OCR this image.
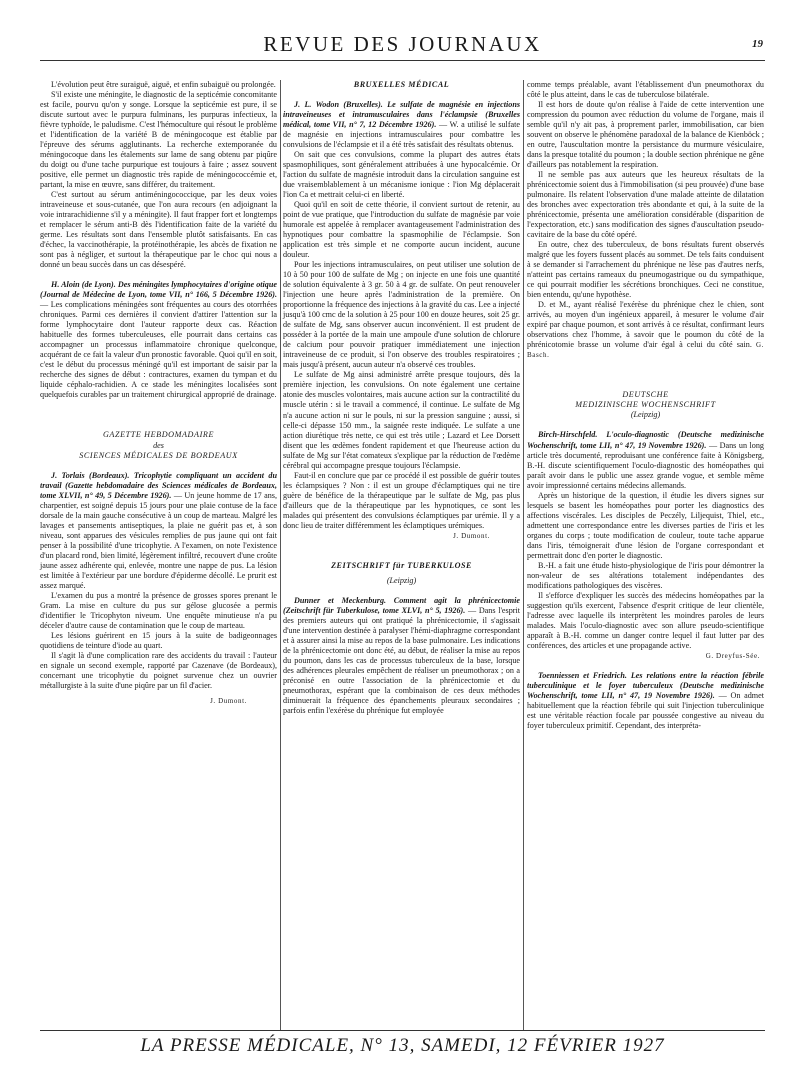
REVUE DES JOURNAUX	19

L'évolution peut être suraiguë, aiguë, et enfin subaiguë ou prolongée.

S'il existe une méningite, le diagnostic de la septicémie concomitante est facile, pourvu qu'on y songe. Lorsque la septicémie est pure, il se discute surtout avec le purpura fulminans, les purpuras infectieux, la fièvre typhoïde, le paludisme. C'est l'hémoculture qui résout le problème et l'identification de la variété B de méningocoque est établie par l'épreuve des sérums agglutinants. La recherche extemporanée du méningocoque dans les étalements sur lame de sang obtenu par piqûre du doigt ou d'une tache purpurique est toujours à faire ; assez souvent positive, elle permet un diagnostic très rapide de méningococcémie et, partant, la mise en œuvre, sans différer, du traitement.

C'est surtout au sérum antiméningococcique, par les deux voies intraveineuse et sous-cutanée, que l'on aura recours (en adjoignant la voie intrarachidienne s'il y a méningite). Il faut frapper fort et longtemps et remplacer le sérum anti-B dès l'identification faite de la variété du germe. Les résultats sont dans l'ensemble plutôt satisfaisants. En cas d'échec, la vaccinothérapie, la protéinothérapie, les abcès de fixation ne sont pas à négliger, et surtout la thérapeutique par le choc qui nous a donné un beau succès dans un cas désespéré.

H. Aloin (de Lyon). Des méningites lymphocytaires d'origine otique (Journal de Médecine de Lyon, tome VII, n° 166, 5 Décembre 1926). — Les complications méningées sont fréquentes au cours des otorrhées chroniques. Parmi ces dernières il convient d'attirer l'attention sur la forme lymphocytaire dont l'auteur rapporte deux cas. Réaction habituelle des formes tuberculeuses, elle pourrait dans certains cas accompagner un processus inflammatoire chronique quelconque, acquérant de ce fait la valeur d'un pronostic favorable. Quoi qu'il en soit, c'est le début du processus méningé qu'il est important de saisir par la recherche des signes de début : contractures, examen du tympan et du liquide céphalo-rachidien. A ce stade les méningites localisées sont quelquefois curables par un traitement chirurgical approprié de drainage.

GAZETTE HEBDOMADAIRE

des

SCIENCES MÉDICALES DE BORDEAUX

J. Torlais (Bordeaux). Tricophytie compliquant un accident du travail (Gazette hebdomadaire des Sciences médicales de Bordeaux, tome XLVII, n° 49, 5 Décembre 1926). — Un jeune homme de 17 ans, charpentier, est soigné depuis 15 jours pour une plaie contuse de la face dorsale de la main gauche consécutive à un coup de marteau. Malgré les lavages et pansements antiseptiques, la plaie ne guérit pas et, à son niveau, sont apparues des vésicules remplies de pus jaune qui ont fait penser à la possibilité d'une tricophytie. A l'examen, on note l'existence d'un placard rond, bien limité, légèrement infiltré, recouvert d'une croûte jaune assez adhérente qui, enlevée, montre une nappe de pus. La lésion est limitée à l'extérieur par une bordure d'épiderme décollé. Le prurit est assez marqué.

L'examen du pus a montré la présence de grosses spores prenant le Gram. La mise en culture du pus sur gélose glucosée a permis d'identifier le Tricophyton niveum. Une enquête minutieuse n'a pu déceler d'autre cause de contamination que le coup de marteau.

Les lésions guérirent en 15 jours à la suite de badigeonnages quotidiens de teinture d'iode au quart.

Il s'agit là d'une complication rare des accidents du travail : l'auteur en signale un second exemple, rapporté par Cazenave (de Bordeaux), concernant une tricophytie du poignet survenue chez un ouvrier métallurgiste à la suite d'une piqûre par un fil d'acier.

J. Dumont.

BRUXELLES MÉDICAL

J. L. Wodon (Bruxelles). Le sulfate de magnésie en injections intraveineuses et intramusculaires dans l'éclampsie (Bruxelles médical, tome VII, n° 7, 12 Décembre 1926). — W. a utilisé le sulfate de magnésie en injections intramusculaires pour combattre les convulsions de l'éclampsie et il a été très satisfait des résultats obtenus.

On sait que ces convulsions, comme la plupart des autres états spasmophiliques, sont généralement attribuées à une hypocalcémie. Or l'action du sulfate de magnésie introduit dans la circulation sanguine est due vraisemblablement à un mécanisme ionique : l'ion Mg déplacerait l'ion Ca et mettrait celui-ci en liberté.

Quoi qu'il en soit de cette théorie, il convient surtout de retenir, au point de vue pratique, que l'introduction du sulfate de magnésie par voie humorale est appelée à remplacer avantageusement l'administration des hypnotiques pour combattre la spasmophilie de l'éclampsie. Son application est très simple et ne comporte aucun incident, aucune douleur.

Pour les injections intramusculaires, on peut utiliser une solution de 10 à 50 pour 100 de sulfate de Mg ; on injecte en une fois une quantité de solution équivalente à 3 gr. 50 à 4 gr. de sulfate. On peut renouveler l'injection une heure après l'administration de la première. On proportionne la fréquence des injections à la gravité du cas. Lee a injecté jusqu'à 100 cmc de la solution à 25 pour 100 en douze heures, soit 25 gr. de sulfate de Mg, sans observer aucun inconvénient. Il est prudent de posséder à la portée de la main une ampoule d'une solution de chlorure de calcium pour pouvoir pratiquer immédiatement une injection intraveineuse de ce produit, si l'on observe des troubles respiratoires ; mais jusqu'à présent, aucun auteur n'a observé ces troubles.

Le sulfate de Mg ainsi administré arrête presque toujours, dès la première injection, les convulsions. On note également une certaine atonie des muscles volontaires, mais aucune action sur la contractilité du muscle utérin : si le travail a commencé, il continue. Le sulfate de Mg n'a aucune action ni sur le pouls, ni sur la pression sanguine ; aussi, si celle-ci dépasse 150 mm., la saignée reste indiquée. Le sulfate a une action diurétique très nette, ce qui est très utile ; Lazard et Lee Dorsett disent que les œdèmes fondent rapidement et que l'heureuse action du sulfate de Mg sur l'état comateux s'explique par la réduction de l'œdème cérébral qui accompagne presque toujours l'éclampsie.

Faut-il en conclure que par ce procédé il est possible de guérir toutes les éclampsiques ? Non : il est un groupe d'éclamptiques qui ne tire guère de bénéfice de la thérapeutique par le sulfate de Mg, pas plus d'ailleurs que de la thérapeutique par les hypnotiques, ce sont les malades qui présentent des convulsions éclamptiques par urémie. Il y a donc lieu de traiter différemment les éclamptiques urémiques.

J. Dumont.

ZEITSCHRIFT für TUBERKULOSE

(Leipzig)

Dunner et Meckenburg. Comment agit la phrénicectomie (Zeitschrift für Tuberkulose, tome XLVI, n° 5, 1926). — Dans l'esprit des premiers auteurs qui ont pratiqué la phrénicectomie, il s'agissait d'une intervention destinée à paralyser l'hémi-diaphragme correspondant et à assurer ainsi la mise au repos de la base pulmonaire. Les indications de la phrénicectomie ont donc été, au début, de réaliser la mise au repos du poumon, dans les cas de processus tuberculeux de la base, lorsque des adhérences pleurales empêchent de réaliser un pneumothorax ; on a préconisé en outre l'association de la phrénicectomie et du pneumothorax, espérant que la combinaison de ces deux méthodes diminuerait la fréquence des épanchements pleuraux secondaires ; parfois enfin l'exérèse du phrénique fut employée

comme temps préalable, avant l'établissement d'un pneumothorax du côté le plus atteint, dans le cas de tuberculose bilatérale.

Il est hors de doute qu'on réalise à l'aide de cette intervention une compression du poumon avec réduction du volume de l'organe, mais il semble qu'il n'y ait pas, à proprement parler, immobilisation, car bien souvent on observe le phénomène paradoxal de la balance de Kienböck ; en outre, l'auscultation montre la persistance du murmure vésiculaire, dans la presque totalité du poumon ; la double section phrénique ne gêne d'ailleurs pas notablement la respiration.

Il ne semble pas aux auteurs que les heureux résultats de la phrénicectomie soient dus à l'immobilisation (si peu prouvée) d'une base pulmonaire. Ils relatent l'observation d'une malade atteinte de dilatation des bronches avec expectoration très abondante et qui, à la suite de la phrénicectomie, présenta une amélioration considérable (disparition de l'expectoration, etc.) sans modification des signes d'auscultation pseudo-cavitaire de la base du côté opéré.

En outre, chez des tuberculeux, de bons résultats furent observés malgré que les foyers fussent placés au sommet. De tels faits conduisent à se demander si l'arrachement du phrénique ne lèse pas d'autres nerfs, n'atteint pas certains rameaux du pneumogastrique ou du sympathique, ce qui pourrait modifier les sécrétions bronchiques. Ceci ne constitue, bien entendu, qu'une hypothèse.

D. et M., ayant réalisé l'exérèse du phrénique chez le chien, sont arrivés, au moyen d'un ingénieux appareil, à mesurer le volume d'air expiré par chaque poumon, et sont arrivés à ce résultat, confirmant leurs observations chez l'homme, à savoir que le poumon du côté de la phrénicotomie brasse un volume d'air égal à celui du côté sain. G. Basch.

DEUTSCHE

MEDIZINISCHE WOCHENSCHRIFT

(Leipzig)

Birch-Hirschfeld. L'oculo-diagnostic (Deutsche medizinische Wochenschrift, tome LII, n° 47, 19 Novembre 1926). — Dans un long article très documenté, reproduisant une conférence faite à Königsberg, B.-H. discute scientifiquement l'oculo-diagnostic des homéopathes qui paraît avoir dans le public une assez grande vogue, et semble même avoir impressionné certains médecins allemands.

Après un historique de la question, il étudie les divers signes sur lesquels se basent les homéopathes pour porter les diagnostics des affections viscérales. Les disciples de Peczély, Liljequist, Thiel, etc., admettent une correspondance entre les diverses parties de l'iris et les organes du corps ; toute modification de couleur, toute tache apparue dans l'iris, témoignerait d'une lésion de l'organe correspondant et permettrait donc d'en porter le diagnostic.

B.-H. a fait une étude histo-physiologique de l'iris pour démontrer la non-valeur de ses altérations totalement indépendantes des modifications pathologiques des viscères.

Il s'efforce d'expliquer les succès des médecins homéopathes par la suggestion qu'ils exercent, l'absence d'esprit critique de leur clientèle, l'adresse avec laquelle ils interprètent les moindres paroles de leurs malades. Mais l'oculo-diagnostic avec son allure pseudo-scientifique apparaît à B.-H. comme un danger contre lequel il faut lutter par des conférences, des articles et une propagande active.

G. Dreyfus-Sée.

Toenniessen et Friedrich. Les relations entre la réaction fébrile tuberculinique et le foyer tuberculeux (Deutsche medizinische Wochenschrift, tome LII, n° 47, 19 Novembre 1926). — On admet habituellement que la réaction fébrile qui suit l'injection tuberculinique est une véritable réaction focale par poussée congestive au niveau du foyer tuberculeux primitif. Cependant, des interpréta-

LA PRESSE MÉDICALE, N° 13, SAMEDI, 12 FÉVRIER 1927
